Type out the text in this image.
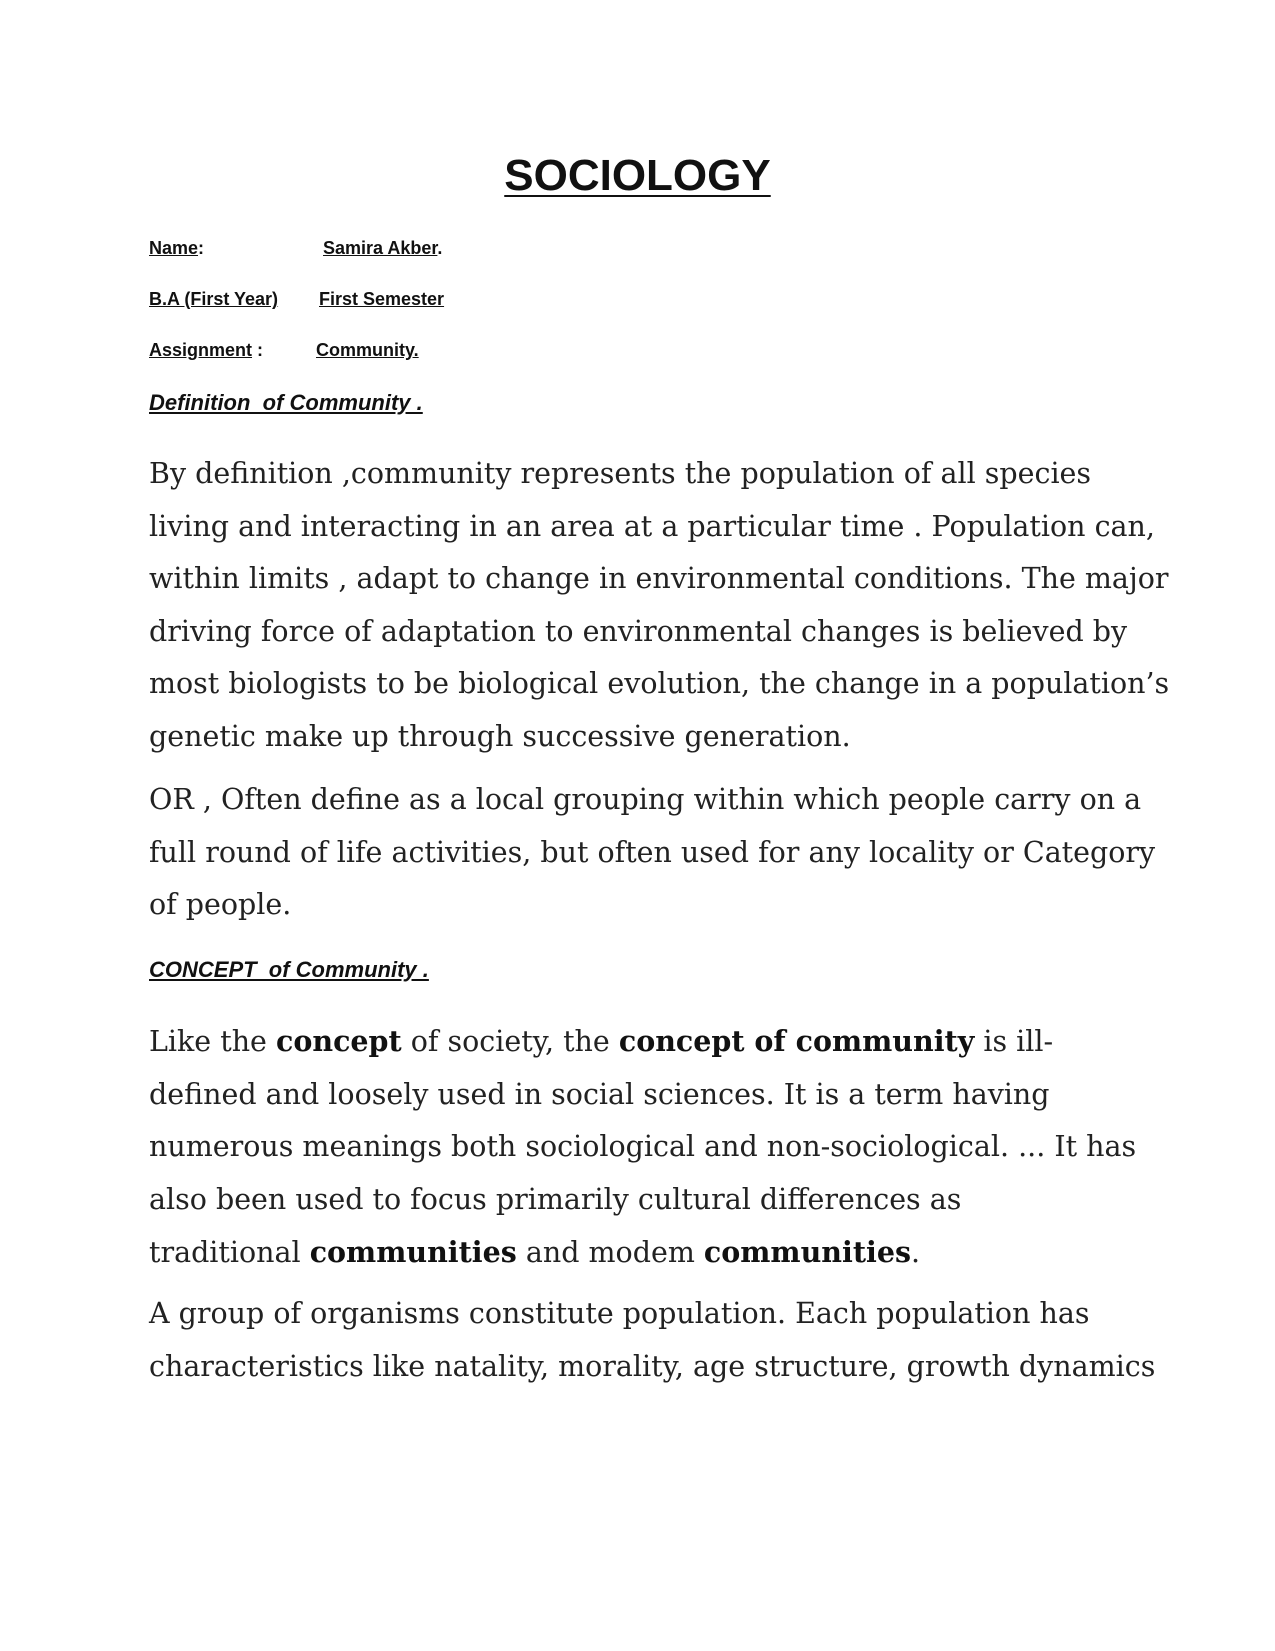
SOCIOLOGY
Name:	Samira Akber.
B.A (First Year) First Semester
Assignment :	Community.
Definition  of Community .
By definition ,community represents the population of all species
living and interacting in an area at a particular time . Population can,
within limits , adapt to change in environmental conditions. The major
driving force of adaptation to environmental changes is believed by
most biologists to be biological evolution, the change in a population’s
genetic make up through successive generation.
OR , Often define as a local grouping within which people carry on a
full round of life activities, but often used for any locality or Category
of people.
CONCEPT  of Community .
Like the concept of society, the concept of community is ill-
defined and loosely used in social sciences. It is a term having
numerous meanings both sociological and non-sociological. ... It has
also been used to focus primarily cultural differences as
traditional communities and modem communities.
A group of organisms constitute population. Each population has
characteristics like natality, morality, age structure, growth dynamics
